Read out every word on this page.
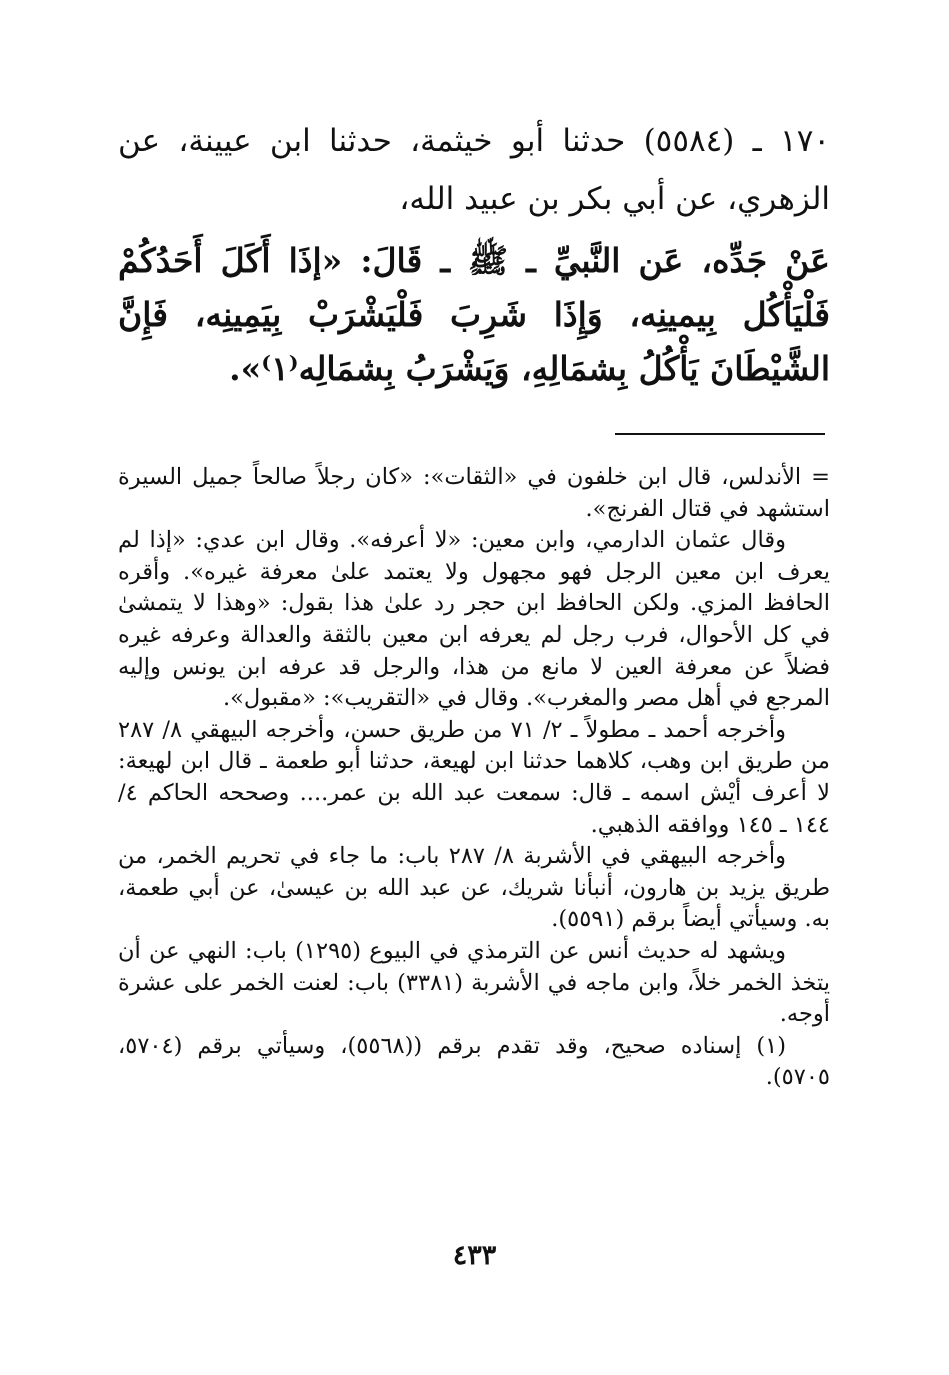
١٧٠ ـ (٥٥٨٤) حدثنا أبو خيثمة، حدثنا ابن عيينة، عن الزهري، عن أبي بكر بن عبيد الله،

عَنْ جَدِّه، عَن النَّبيِّ ـ ﷺ ـ قَالَ: «إذَا أَكَلَ أَحَدُكُمْ فَلْيَأْكُل بِيمينِه، وَإِذَا شَرِبَ فَلْيَشْرَبْ بِيَمِينِه، فَإِنَّ الشَّيْطَانَ يَأْكُلُ بِشمَالِهِ، وَيَشْرَبُ بِشمَالِه⁽١⁾».

= الأندلس، قال ابن خلفون في «الثقات»: «كان رجلاً صالحاً جميل السيرة استشهد في قتال الفرنج».

وقال عثمان الدارمي، وابن معين: «لا أعرفه». وقال ابن عدي: «إذا لم يعرف ابن معين الرجل فهو مجهول ولا يعتمد علىٰ معرفة غيره». وأقره الحافظ المزي. ولكن الحافظ ابن حجر رد علىٰ هذا بقول: «وهذا لا يتمشىٰ في كل الأحوال، فرب رجل لم يعرفه ابن معين بالثقة والعدالة وعرفه غيره فضلاً عن معرفة العين لا مانع من هذا، والرجل قد عرفه ابن يونس وإليه المرجع في أهل مصر والمغرب». وقال في «التقريب»: «مقبول».

وأخرجه أحمد ـ مطولاً ـ ٢/ ٧١ من طريق حسن، وأخرجه البيهقي ٨/ ٢٨٧ من طريق ابن وهب، كلاهما حدثنا ابن لهيعة، حدثنا أبو طعمة ـ قال ابن لهيعة: لا أعرف أيْش اسمه ـ قال: سمعت عبد الله بن عمر.... وصححه الحاكم ٤/ ١٤٤ ـ ١٤٥ ووافقه الذهبي.

وأخرجه البيهقي في الأشربة ٨/ ٢٨٧ باب: ما جاء في تحريم الخمر، من طريق يزيد بن هارون، أنبأنا شريك، عن عبد الله بن عيسىٰ، عن أبي طعمة، به. وسيأتي أيضاً برقم (٥٥٩١).

ويشهد له حديث أنس عن الترمذي في البيوع (١٢٩٥) باب: النهي عن أن يتخذ الخمر خلاً، وابن ماجه في الأشربة (٣٣٨١) باب: لعنت الخمر على عشرة أوجه.

(١) إسناده صحيح، وقد تقدم برقم ((٥٥٦٨)، وسيأتي برقم (٥٧٠٤، ٥٧٠٥).

٤٣٣
